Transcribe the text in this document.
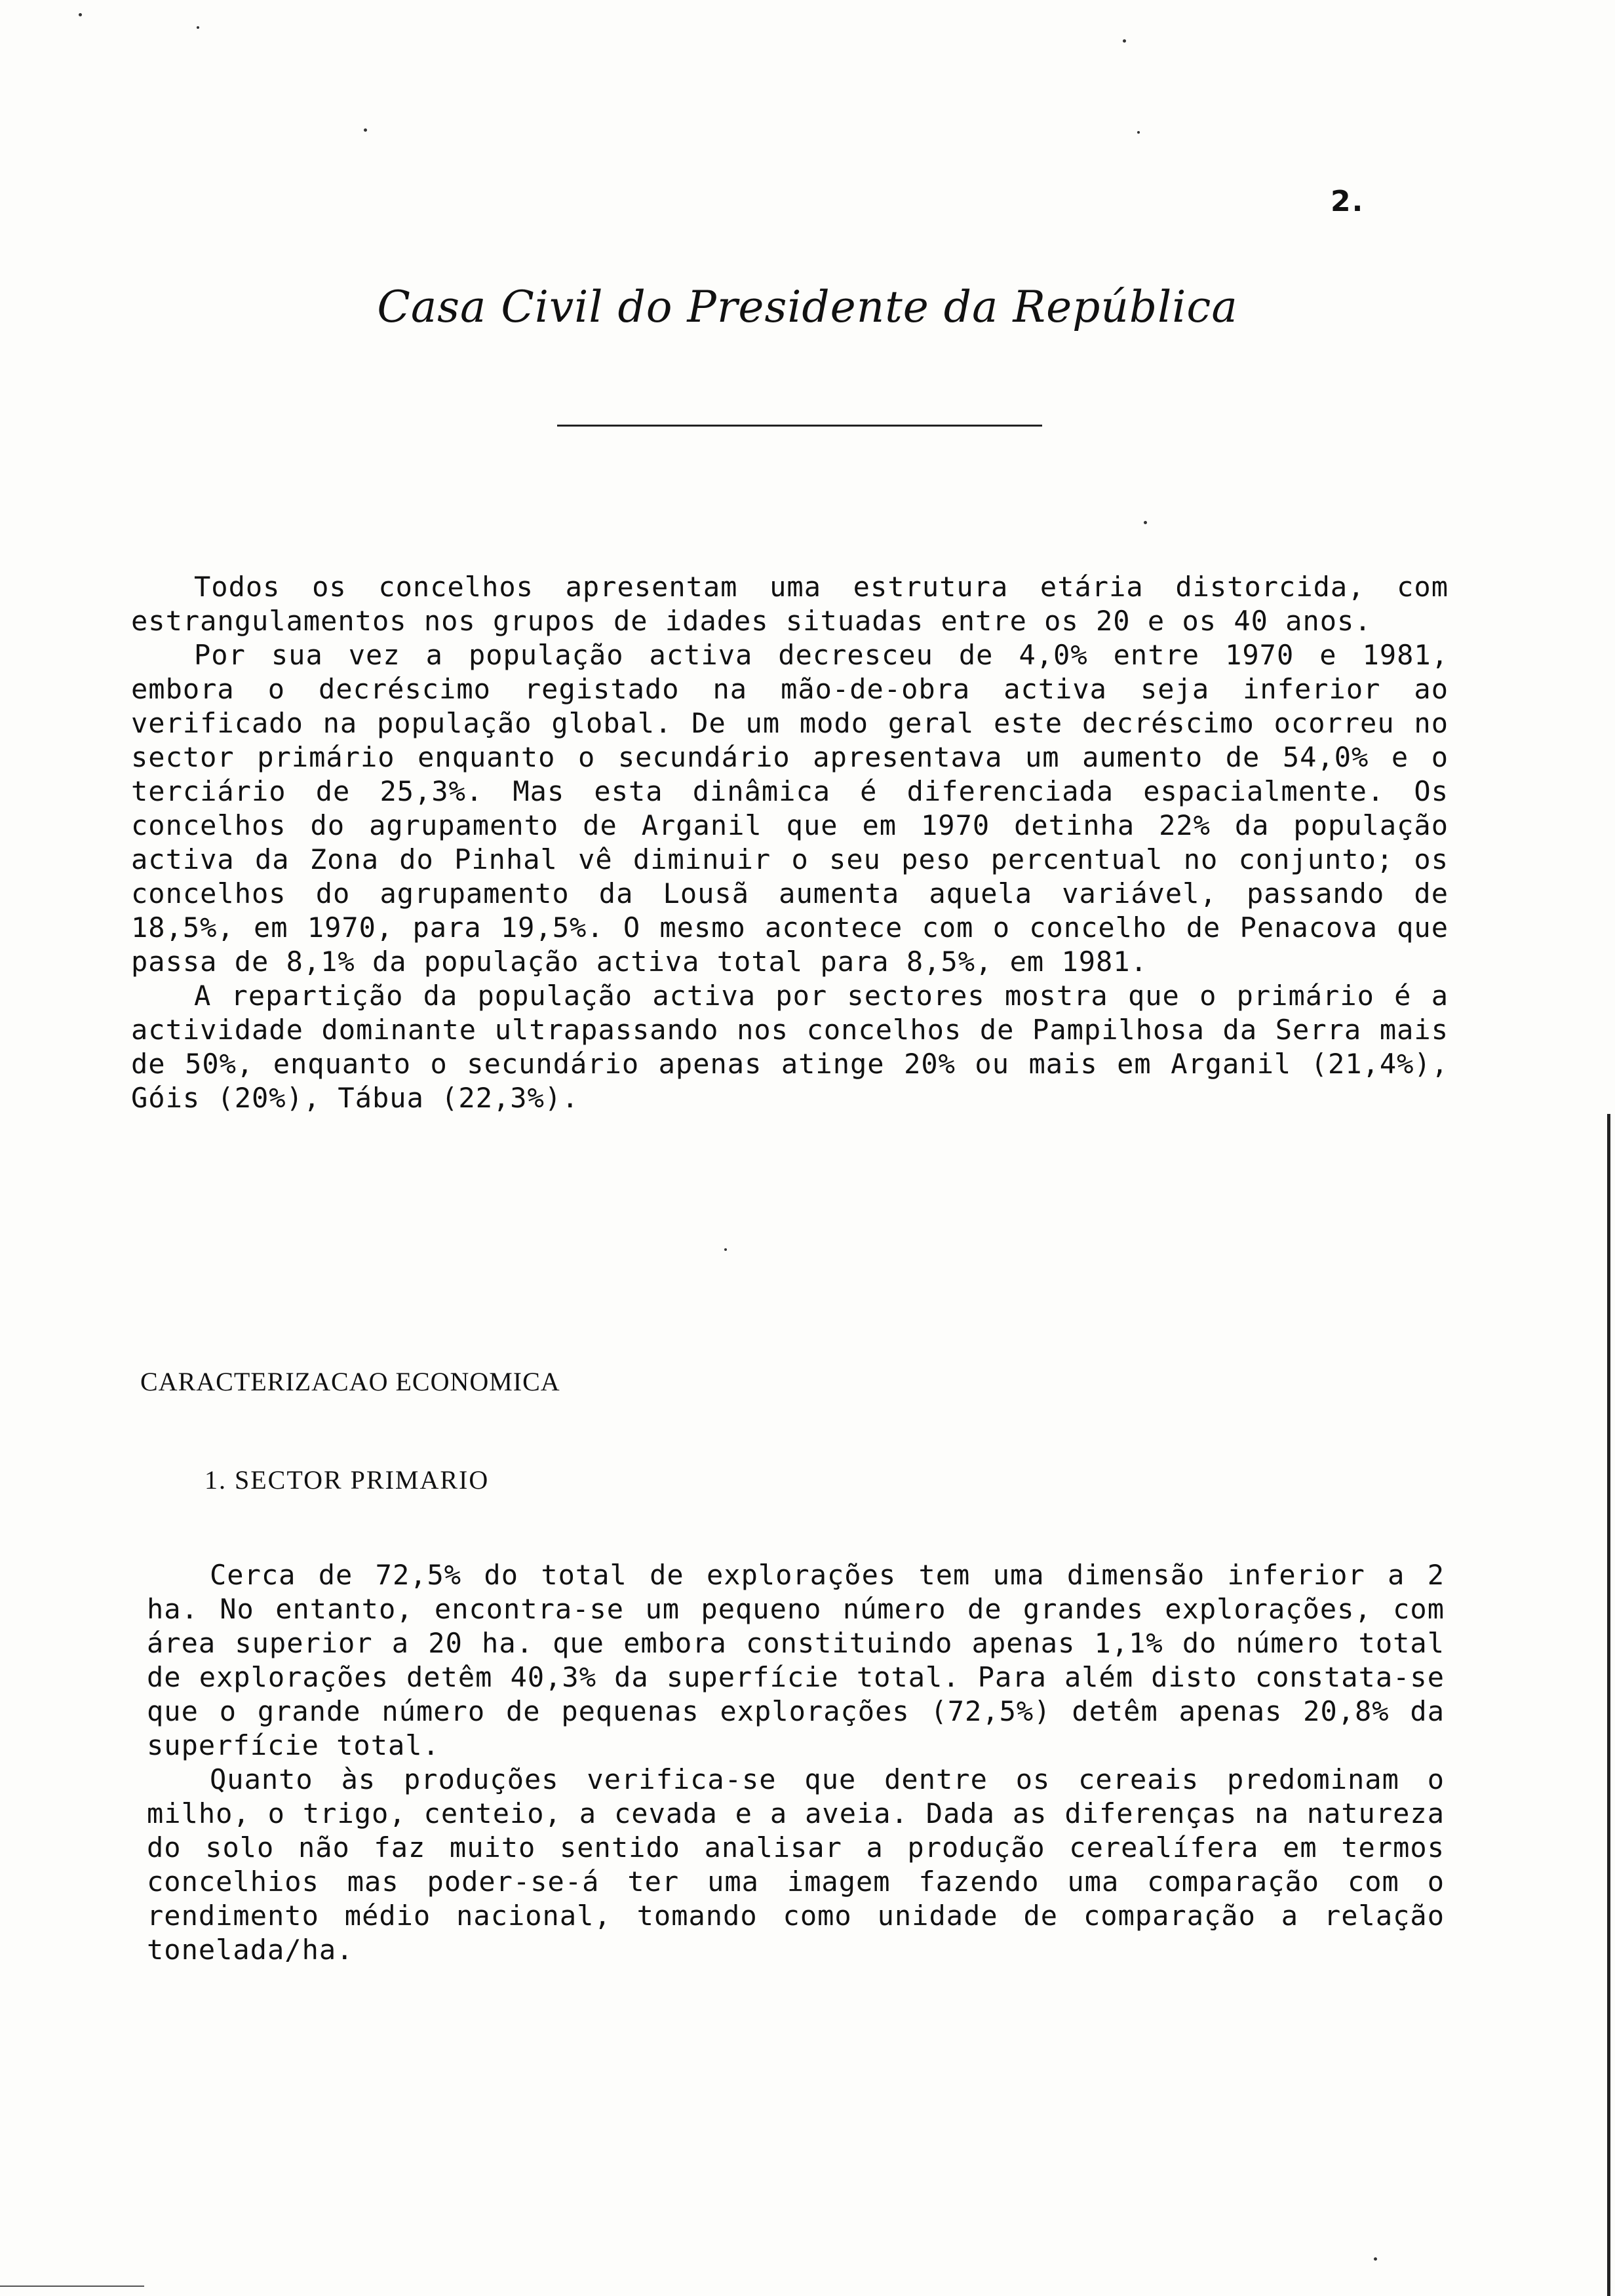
2.
Casa Civil do Presidente da República

Todos os concelhos apresentam uma estrutura etária distorcida, com estrangulamentos nos grupos de idades situadas entre os 20 e os 40 anos.

Por sua vez a população activa decresceu de 4,0% entre 1970 e 1981, embora o decréscimo registado na mão-de-obra activa seja inferior ao verificado na população global. De um modo geral este decréscimo ocorreu no sector primário enquanto o secundário apresentava um aumento de 54,0% e o terciário de 25,3%. Mas esta dinâmica é diferenciada espacialmente. Os concelhos do agrupamento de Arganil que em 1970 detinha 22% da população activa da Zona do Pinhal vê diminuir o seu peso percentual no conjunto; os concelhos do agrupamento da Lousã aumenta aquela variável, passando de 18,5%, em 1970, para 19,5%. O mesmo acontece com o concelho de Penacova que passa de 8,1% da população activa total para 8,5%, em 1981.

A repartição da população activa por sectores mostra que o primário é a actividade dominante ultrapassando nos concelhos de Pampilhosa da Serra mais de 50%, enquanto o secundário apenas atinge 20% ou mais em Arganil (21,4%), Góis (20%), Tábua (22,3%).

CARACTERIZACAO ECONOMICA
1. SECTOR PRIMARIO

Cerca de 72,5% do total de explorações tem uma dimensão inferior a 2 ha. No entanto, encontra-se um pequeno número de grandes explorações, com área superior a 20 ha. que embora constituindo apenas 1,1% do número total de explorações detêm 40,3% da superfície total. Para além disto constata-se que o grande número de pequenas explorações (72,5%) detêm apenas 20,8% da superfície total.

Quanto às produções verifica-se que dentre os cereais predominam o milho, o trigo, centeio, a cevada e a aveia. Dada as diferenças na natureza do solo não faz muito sentido analisar a produção cerealífera em termos concelhios mas poder-se-á ter uma imagem fazendo uma comparação com o rendimento médio nacional, tomando como unidade de comparação a relação tonelada/ha.
